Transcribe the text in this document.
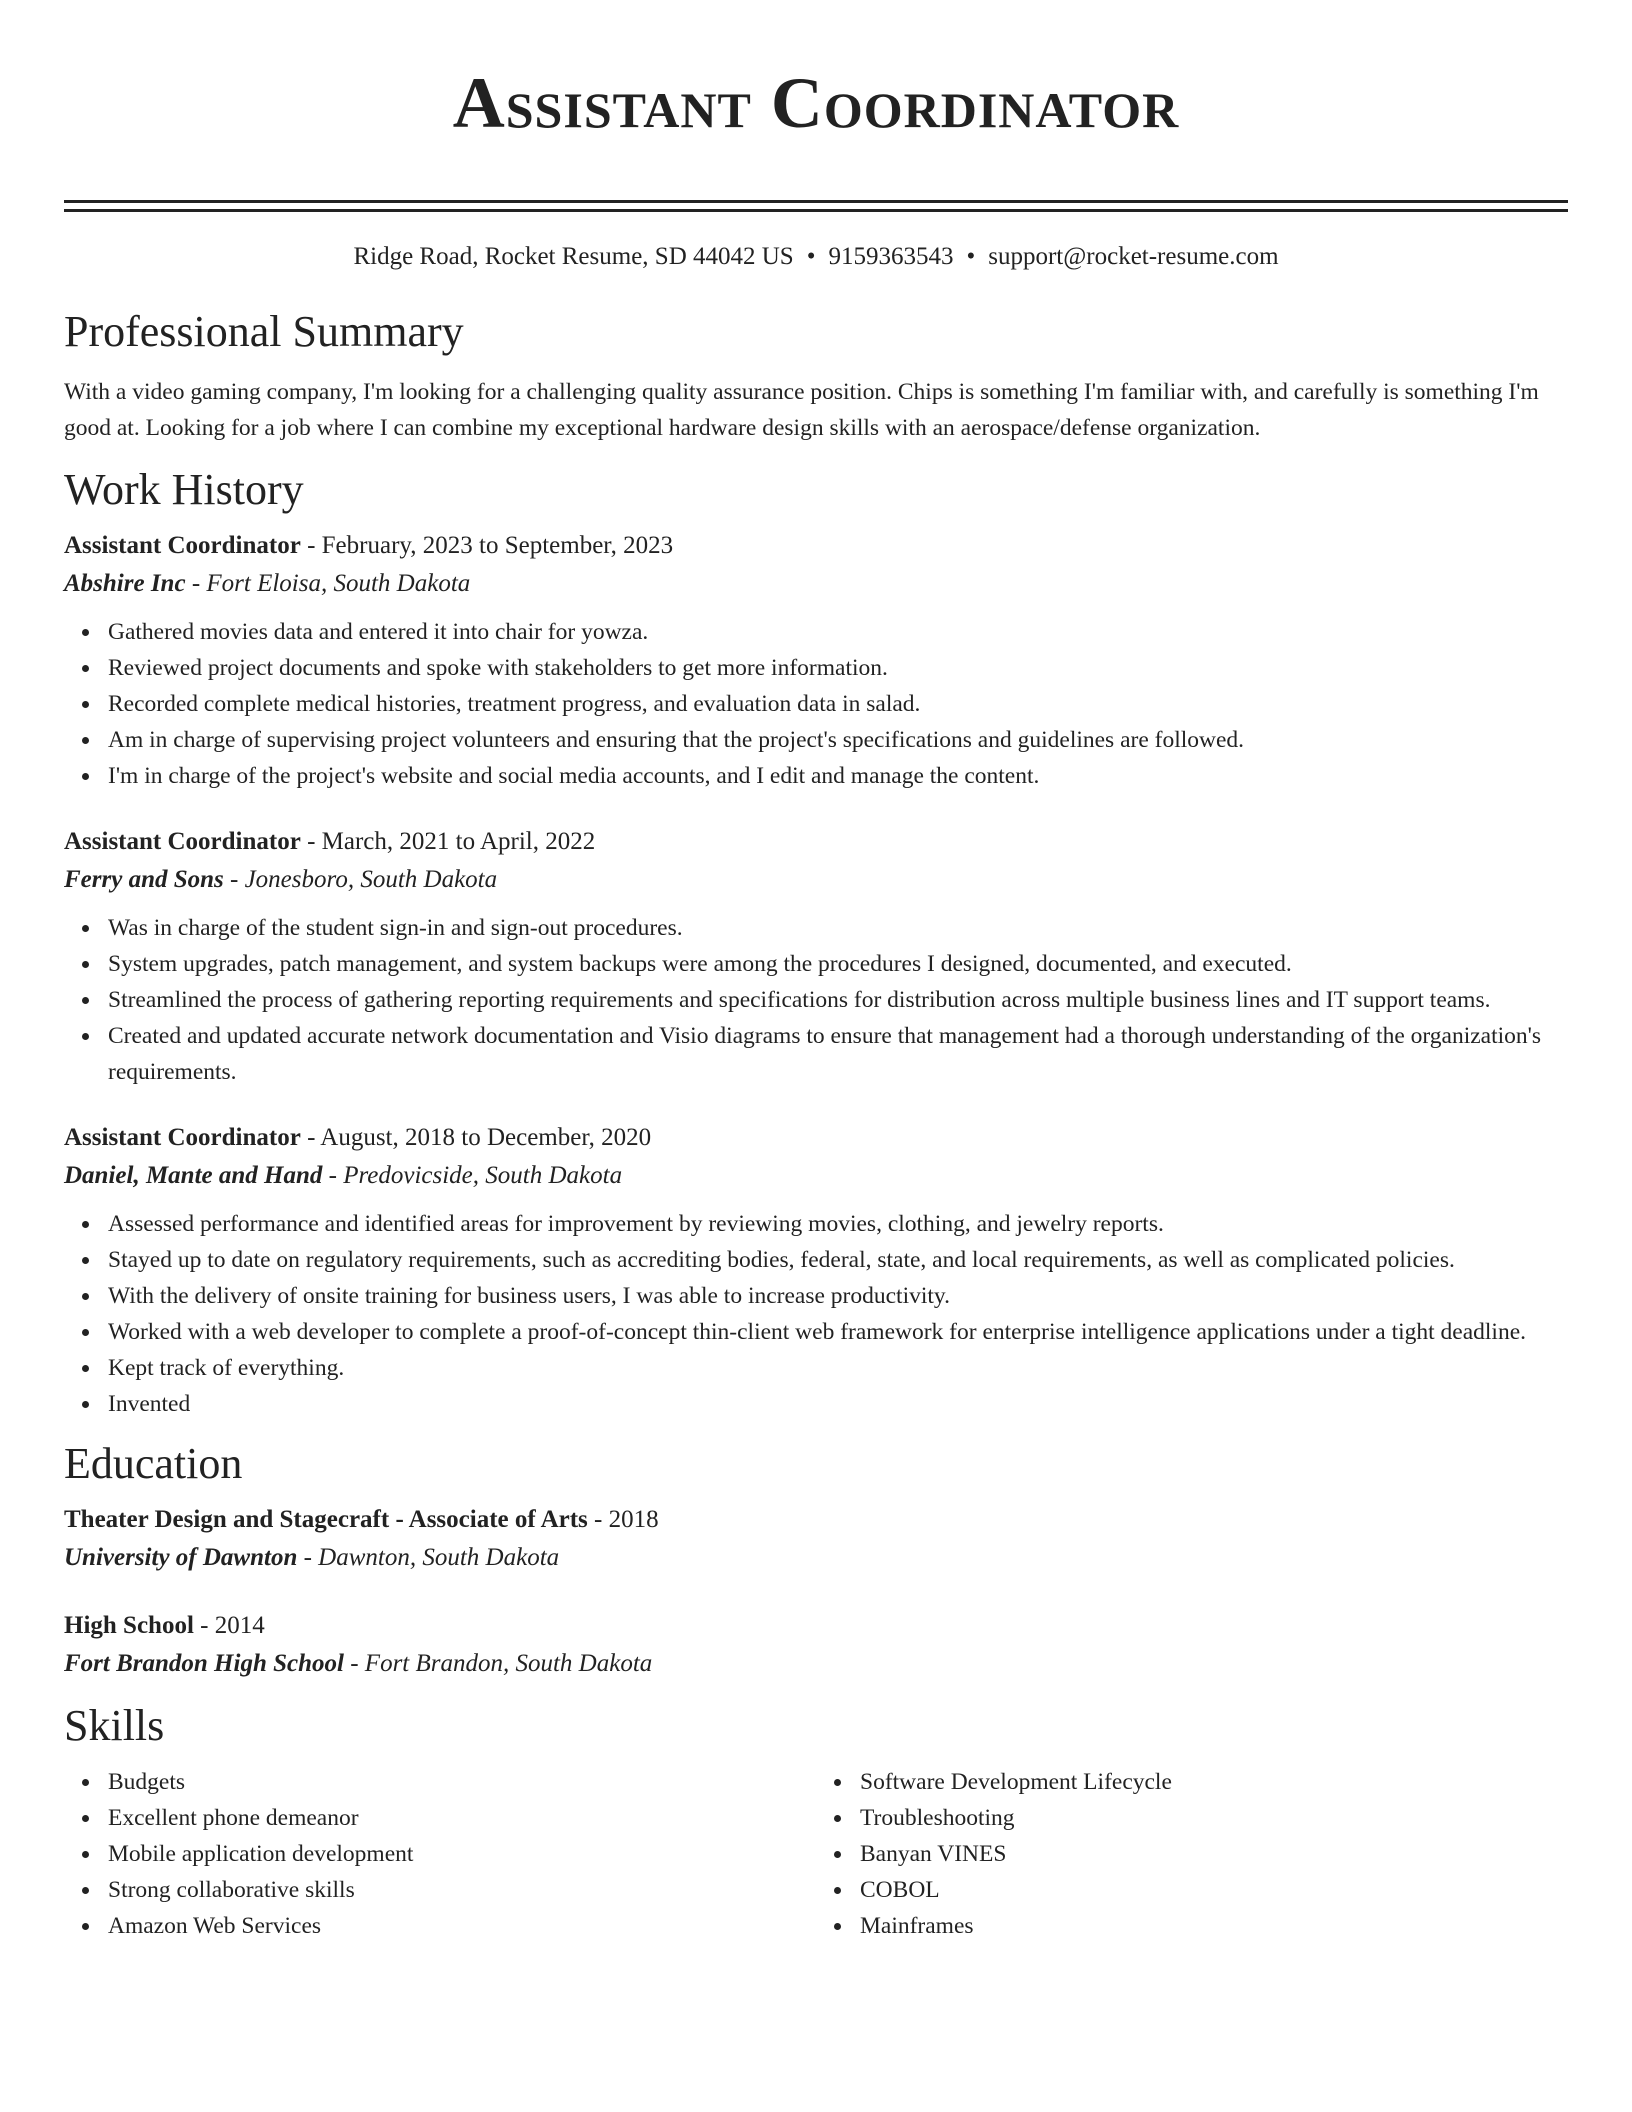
Assistant Coordinator
Ridge Road, Rocket Resume, SD 44042 US • 9159363543 • support@rocket-resume.com
Professional Summary

With a video gaming company, I'm looking for a challenging quality assurance position. Chips is something I'm familiar with, and carefully is something I'm good at. Looking for a job where I can combine my exceptional hardware design skills with an aerospace/defense organization.

Work History

Assistant Coordinator - February, 2023 to September, 2023

Abshire Inc - Fort Eloisa, South Dakota

Gathered movies data and entered it into chair for yowza.
Reviewed project documents and spoke with stakeholders to get more information.
Recorded complete medical histories, treatment progress, and evaluation data in salad.
Am in charge of supervising project volunteers and ensuring that the project's specifications and guidelines are followed.
I'm in charge of the project's website and social media accounts, and I edit and manage the content.

Assistant Coordinator - March, 2021 to April, 2022

Ferry and Sons - Jonesboro, South Dakota

Was in charge of the student sign-in and sign-out procedures.
System upgrades, patch management, and system backups were among the procedures I designed, documented, and executed.
Streamlined the process of gathering reporting requirements and specifications for distribution across multiple business lines and IT support teams.
Created and updated accurate network documentation and Visio diagrams to ensure that management had a thorough understanding of the organization's requirements.

Assistant Coordinator - August, 2018 to December, 2020

Daniel, Mante and Hand - Predovicside, South Dakota

Assessed performance and identified areas for improvement by reviewing movies, clothing, and jewelry reports.
Stayed up to date on regulatory requirements, such as accrediting bodies, federal, state, and local requirements, as well as complicated policies.
With the delivery of onsite training for business users, I was able to increase productivity.
Worked with a web developer to complete a proof-of-concept thin-client web framework for enterprise intelligence applications under a tight deadline.
Kept track of everything.
Invented
Education

Theater Design and Stagecraft - Associate of Arts - 2018

University of Dawnton - Dawnton, South Dakota

High School - 2014

Fort Brandon High School - Fort Brandon, South Dakota

Skills
Budgets
Excellent phone demeanor
Mobile application development
Strong collaborative skills
Amazon Web Services
Software Development Lifecycle
Troubleshooting
Banyan VINES
COBOL
Mainframes
